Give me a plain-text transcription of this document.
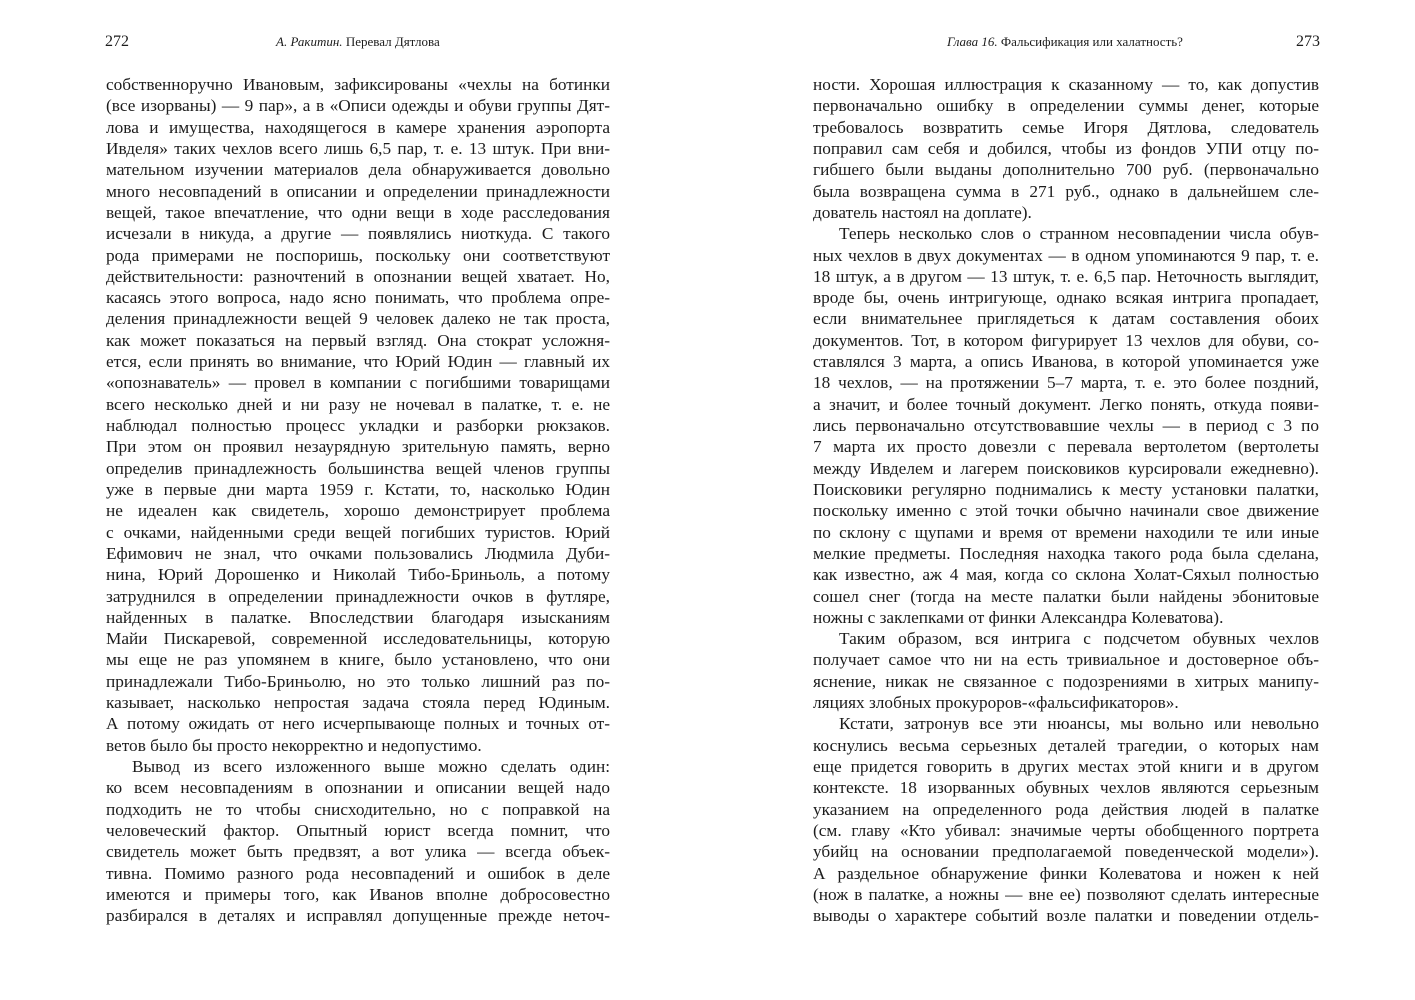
272	А. Ракитин. Перевал Дятлова
собственноручно Ивановым, зафиксированы «чехлы на ботинки
(все изорваны) — 9 пар», а в «Описи одежды и обуви группы Дят-
лова и имущества, находящегося в камере хранения аэропорта
Ивделя» таких чехлов всего лишь 6,5 пар, т. е. 13 штук. При вни-
мательном изучении материалов дела обнаруживается довольно
много несовпадений в описании и определении принадлежности
вещей, такое впечатление, что одни вещи в ходе расследования
исчезали в никуда, а другие — появлялись ниоткуда. С такого
рода примерами не поспоришь, поскольку они соответствуют
действительности: разночтений в опознании вещей хватает. Но,
касаясь этого вопроса, надо ясно понимать, что проблема опре-
деления принадлежности вещей 9 человек далеко не так проста,
как может показаться на первый взгляд. Она стократ усложня-
ется, если принять во внимание, что Юрий Юдин — главный их
«опознаватель» — провел в компании с погибшими товарищами
всего несколько дней и ни разу не ночевал в палатке, т. е. не
наблюдал полностью процесс укладки и разборки рюкзаков.
При этом он проявил незаурядную зрительную память, верно
определив принадлежность большинства вещей членов группы
уже в первые дни марта 1959 г. Кстати, то, насколько Юдин
не идеален как свидетель, хорошо демонстрирует проблема
с очками, найденными среди вещей погибших туристов. Юрий
Ефимович не знал, что очками пользовались Людмила Дуби-
нина, Юрий Дорошенко и Николай Тибо-Бриньоль, а потому
затруднился в определении принадлежности очков в футляре,
найденных в палатке. Впоследствии благодаря изысканиям
Майи Пискаревой, современной исследовательницы, которую
мы еще не раз упомянем в книге, было установлено, что они
принадлежали Тибо-Бриньолю, но это только лишний раз по-
казывает, насколько непростая задача стояла перед Юдиным.
А потому ожидать от него исчерпывающе полных и точных от-
ветов было бы просто некорректно и недопустимо.
Вывод из всего изложенного выше можно сделать один:
ко всем несовпадениям в опознании и описании вещей надо
подходить не то чтобы снисходительно, но с поправкой на
человеческий фактор. Опытный юрист всегда помнит, что
свидетель может быть предвзят, а вот улика — всегда объек-
тивна. Помимо разного рода несовпадений и ошибок в деле
имеются и примеры того, как Иванов вполне добросовестно
разбирался в деталях и исправлял допущенные прежде неточ-
Глава 16. Фальсификация или халатность?	273
ности. Хорошая иллюстрация к сказанному — то, как допустив
первоначально ошибку в определении суммы денег, которые
требовалось возвратить семье Игоря Дятлова, следователь
поправил сам себя и добился, чтобы из фондов УПИ отцу по-
гибшего были выданы дополнительно 700 руб. (первоначально
была возвращена сумма в 271 руб., однако в дальнейшем сле-
дователь настоял на доплате).
Теперь несколько слов о странном несовпадении числа обув-
ных чехлов в двух документах — в одном упоминаются 9 пар, т. е.
18 штук, а в другом — 13 штук, т. е. 6,5 пар. Неточность выглядит,
вроде бы, очень интригующе, однако всякая интрига пропадает,
если внимательнее приглядеться к датам составления обоих
документов. Тот, в котором фигурирует 13 чехлов для обуви, со-
ставлялся 3 марта, а опись Иванова, в которой упоминается уже
18 чехлов, — на протяжении 5–7 марта, т. е. это более поздний,
а значит, и более точный документ. Легко понять, откуда появи-
лись первоначально отсутствовавшие чехлы — в период с 3 по
7 марта их просто довезли с перевала вертолетом (вертолеты
между Ивделем и лагерем поисковиков курсировали ежедневно).
Поисковики регулярно поднимались к месту установки палатки,
поскольку именно с этой точки обычно начинали свое движение
по склону с щупами и время от времени находили те или иные
мелкие предметы. Последняя находка такого рода была сделана,
как известно, аж 4 мая, когда со склона Холат-Сяхыл полностью
сошел снег (тогда на месте палатки были найдены эбонитовые
ножны с заклепками от финки Александра Колеватова).
Таким образом, вся интрига с подсчетом обувных чехлов
получает самое что ни на есть тривиальное и достоверное объ-
яснение, никак не связанное с подозрениями в хитрых манипу-
ляциях злобных прокуроров-«фальсификаторов».
Кстати, затронув все эти нюансы, мы вольно или невольно
коснулись весьма серьезных деталей трагедии, о которых нам
еще придется говорить в других местах этой книги и в другом
контексте. 18 изорванных обувных чехлов являются серьезным
указанием на определенного рода действия людей в палатке
(см. главу «Кто убивал: значимые черты обобщенного портрета
убийц на основании предполагаемой поведенческой модели»).
А раздельное обнаружение финки Колеватова и ножен к ней
(нож в палатке, а ножны — вне ее) позволяют сделать интересные
выводы о характере событий возле палатки и поведении отдель-
